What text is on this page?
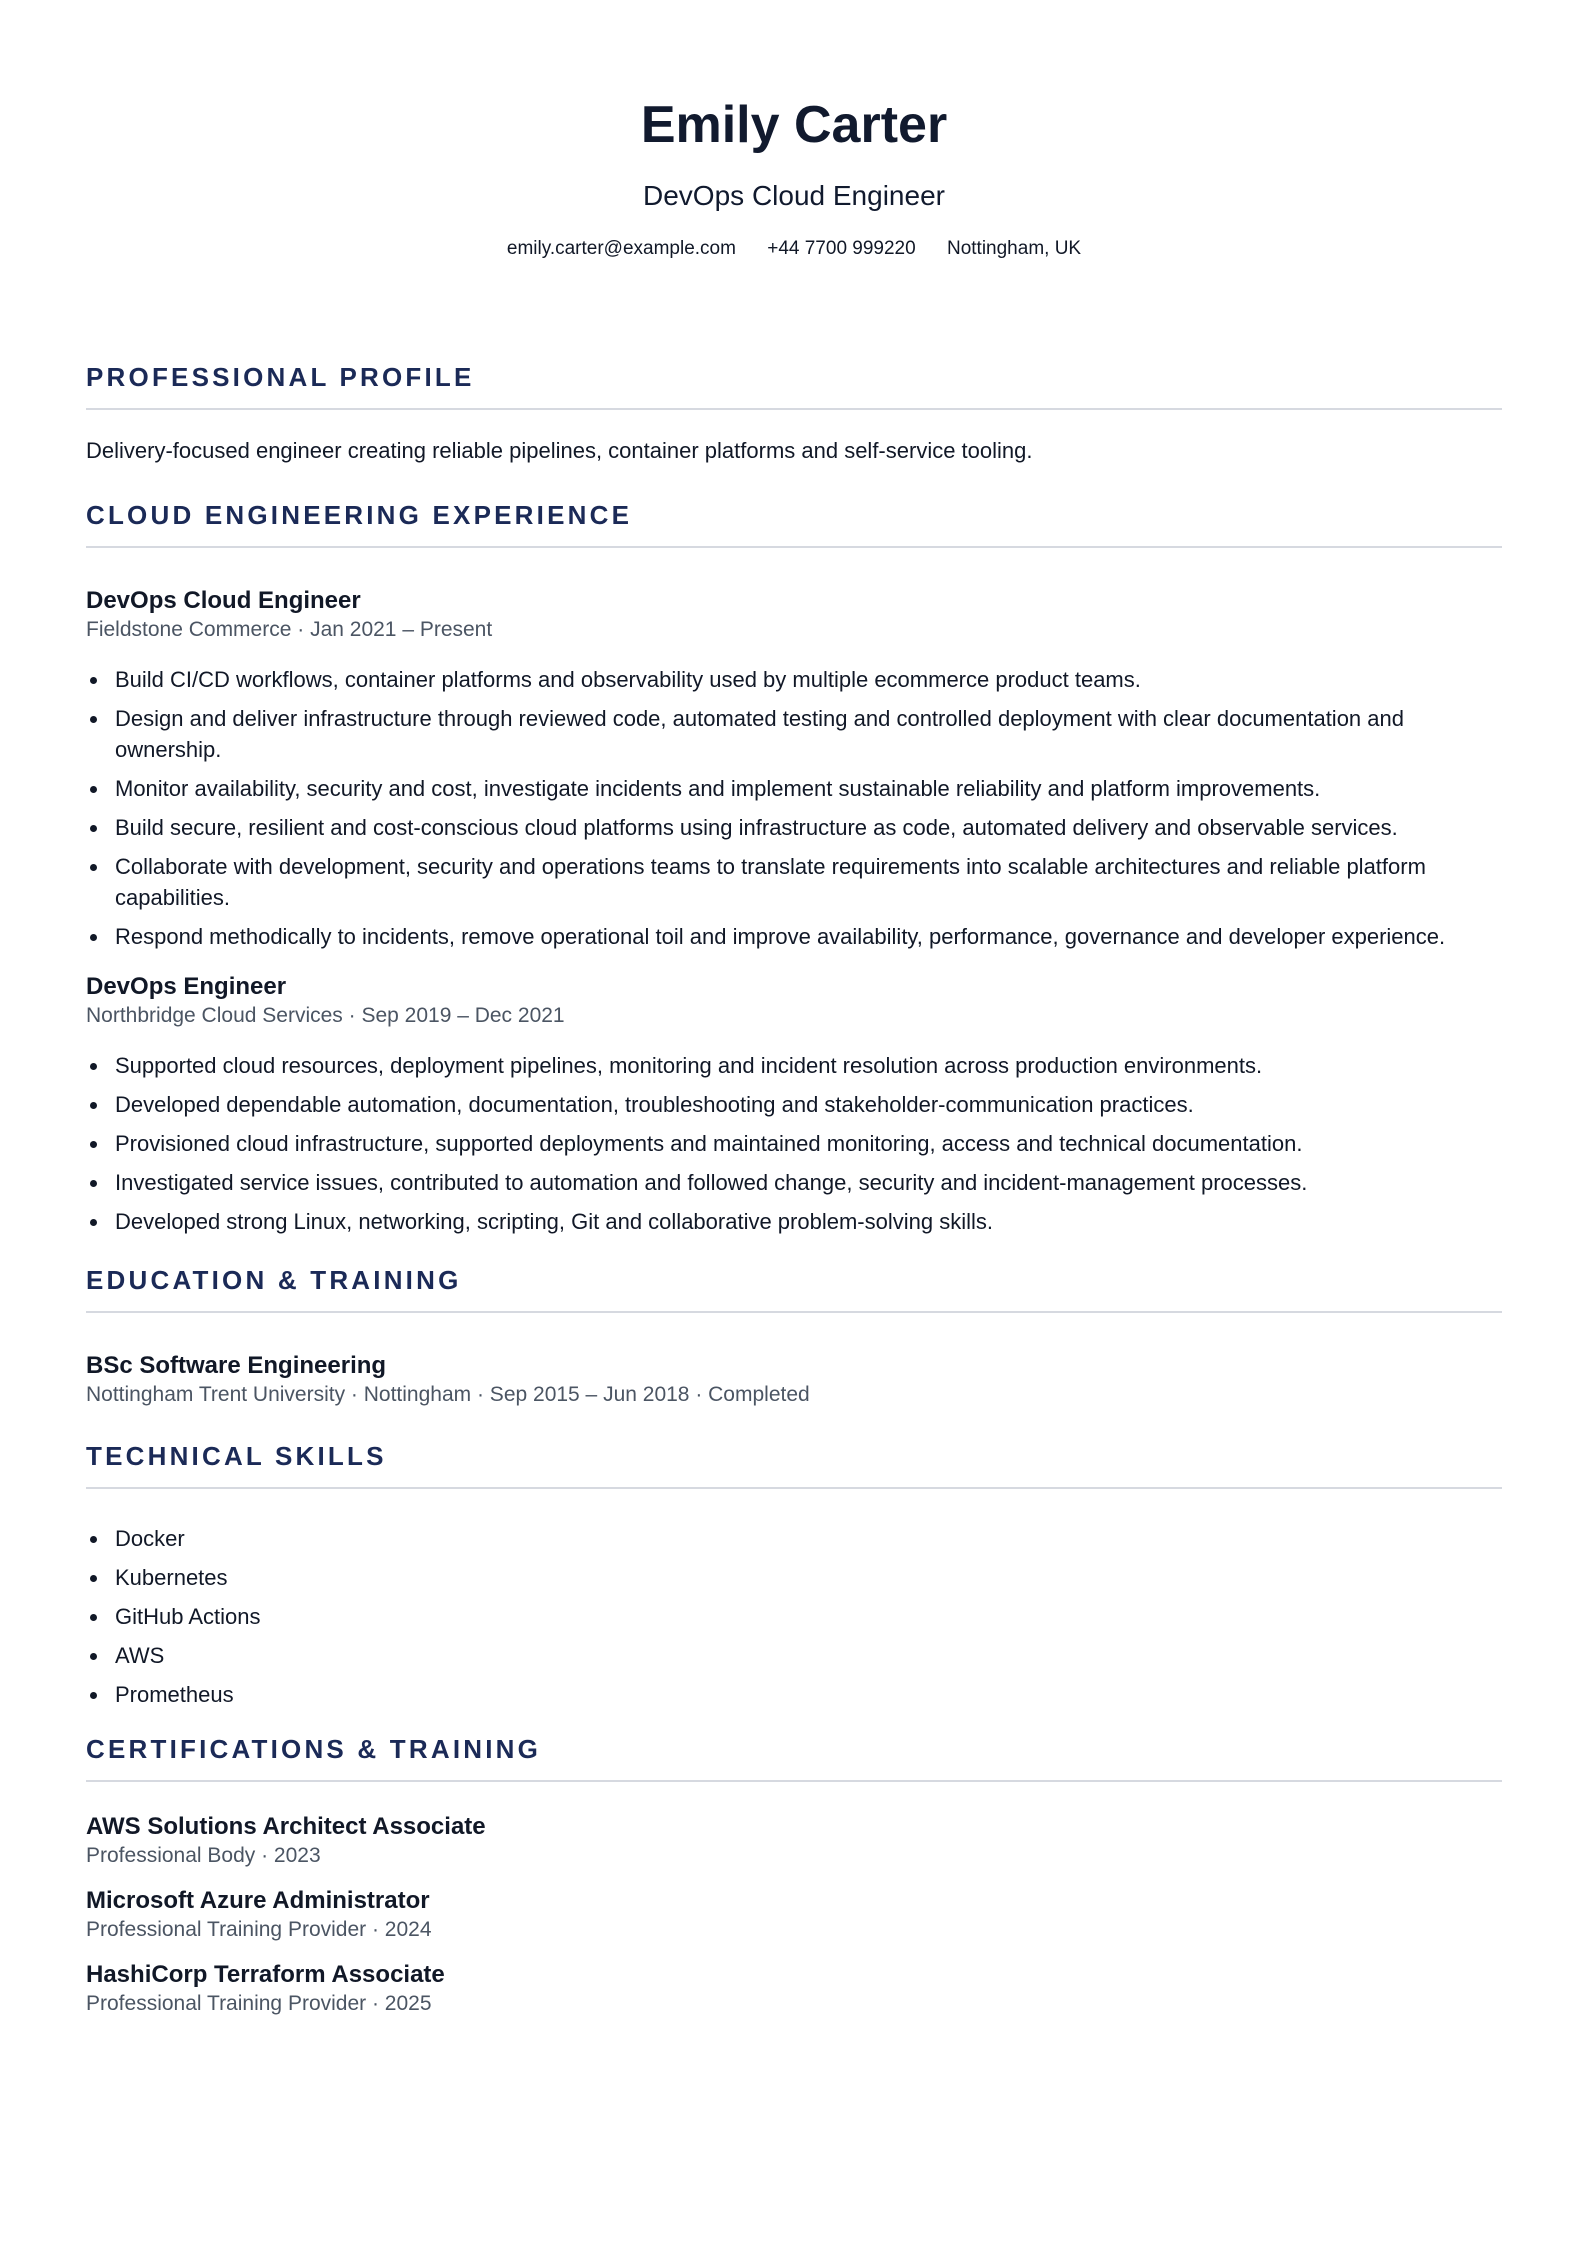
Emily Carter
DevOps Cloud Engineer
emily.carter@example.com +44 7700 999220 Nottingham, UK
PROFESSIONAL PROFILE
Delivery-focused engineer creating reliable pipelines, container platforms and self-service tooling.
CLOUD ENGINEERING EXPERIENCE
DevOps Cloud Engineer
Fieldstone Commerce · Jan 2021 – Present
Build CI/CD workflows, container platforms and observability used by multiple ecommerce product teams.
Design and deliver infrastructure through reviewed code, automated testing and controlled deployment with clear documentation and ownership.
Monitor availability, security and cost, investigate incidents and implement sustainable reliability and platform improvements.
Build secure, resilient and cost-conscious cloud platforms using infrastructure as code, automated delivery and observable services.
Collaborate with development, security and operations teams to translate requirements into scalable architectures and reliable platform capabilities.
Respond methodically to incidents, remove operational toil and improve availability, performance, governance and developer experience.
DevOps Engineer
Northbridge Cloud Services · Sep 2019 – Dec 2021
Supported cloud resources, deployment pipelines, monitoring and incident resolution across production environments.
Developed dependable automation, documentation, troubleshooting and stakeholder-communication practices.
Provisioned cloud infrastructure, supported deployments and maintained monitoring, access and technical documentation.
Investigated service issues, contributed to automation and followed change, security and incident-management processes.
Developed strong Linux, networking, scripting, Git and collaborative problem-solving skills.
EDUCATION & TRAINING
BSc Software Engineering
Nottingham Trent University · Nottingham · Sep 2015 – Jun 2018 · Completed
TECHNICAL SKILLS
Docker
Kubernetes
GitHub Actions
AWS
Prometheus
CERTIFICATIONS & TRAINING
AWS Solutions Architect Associate
Professional Body · 2023
Microsoft Azure Administrator
Professional Training Provider · 2024
HashiCorp Terraform Associate
Professional Training Provider · 2025
